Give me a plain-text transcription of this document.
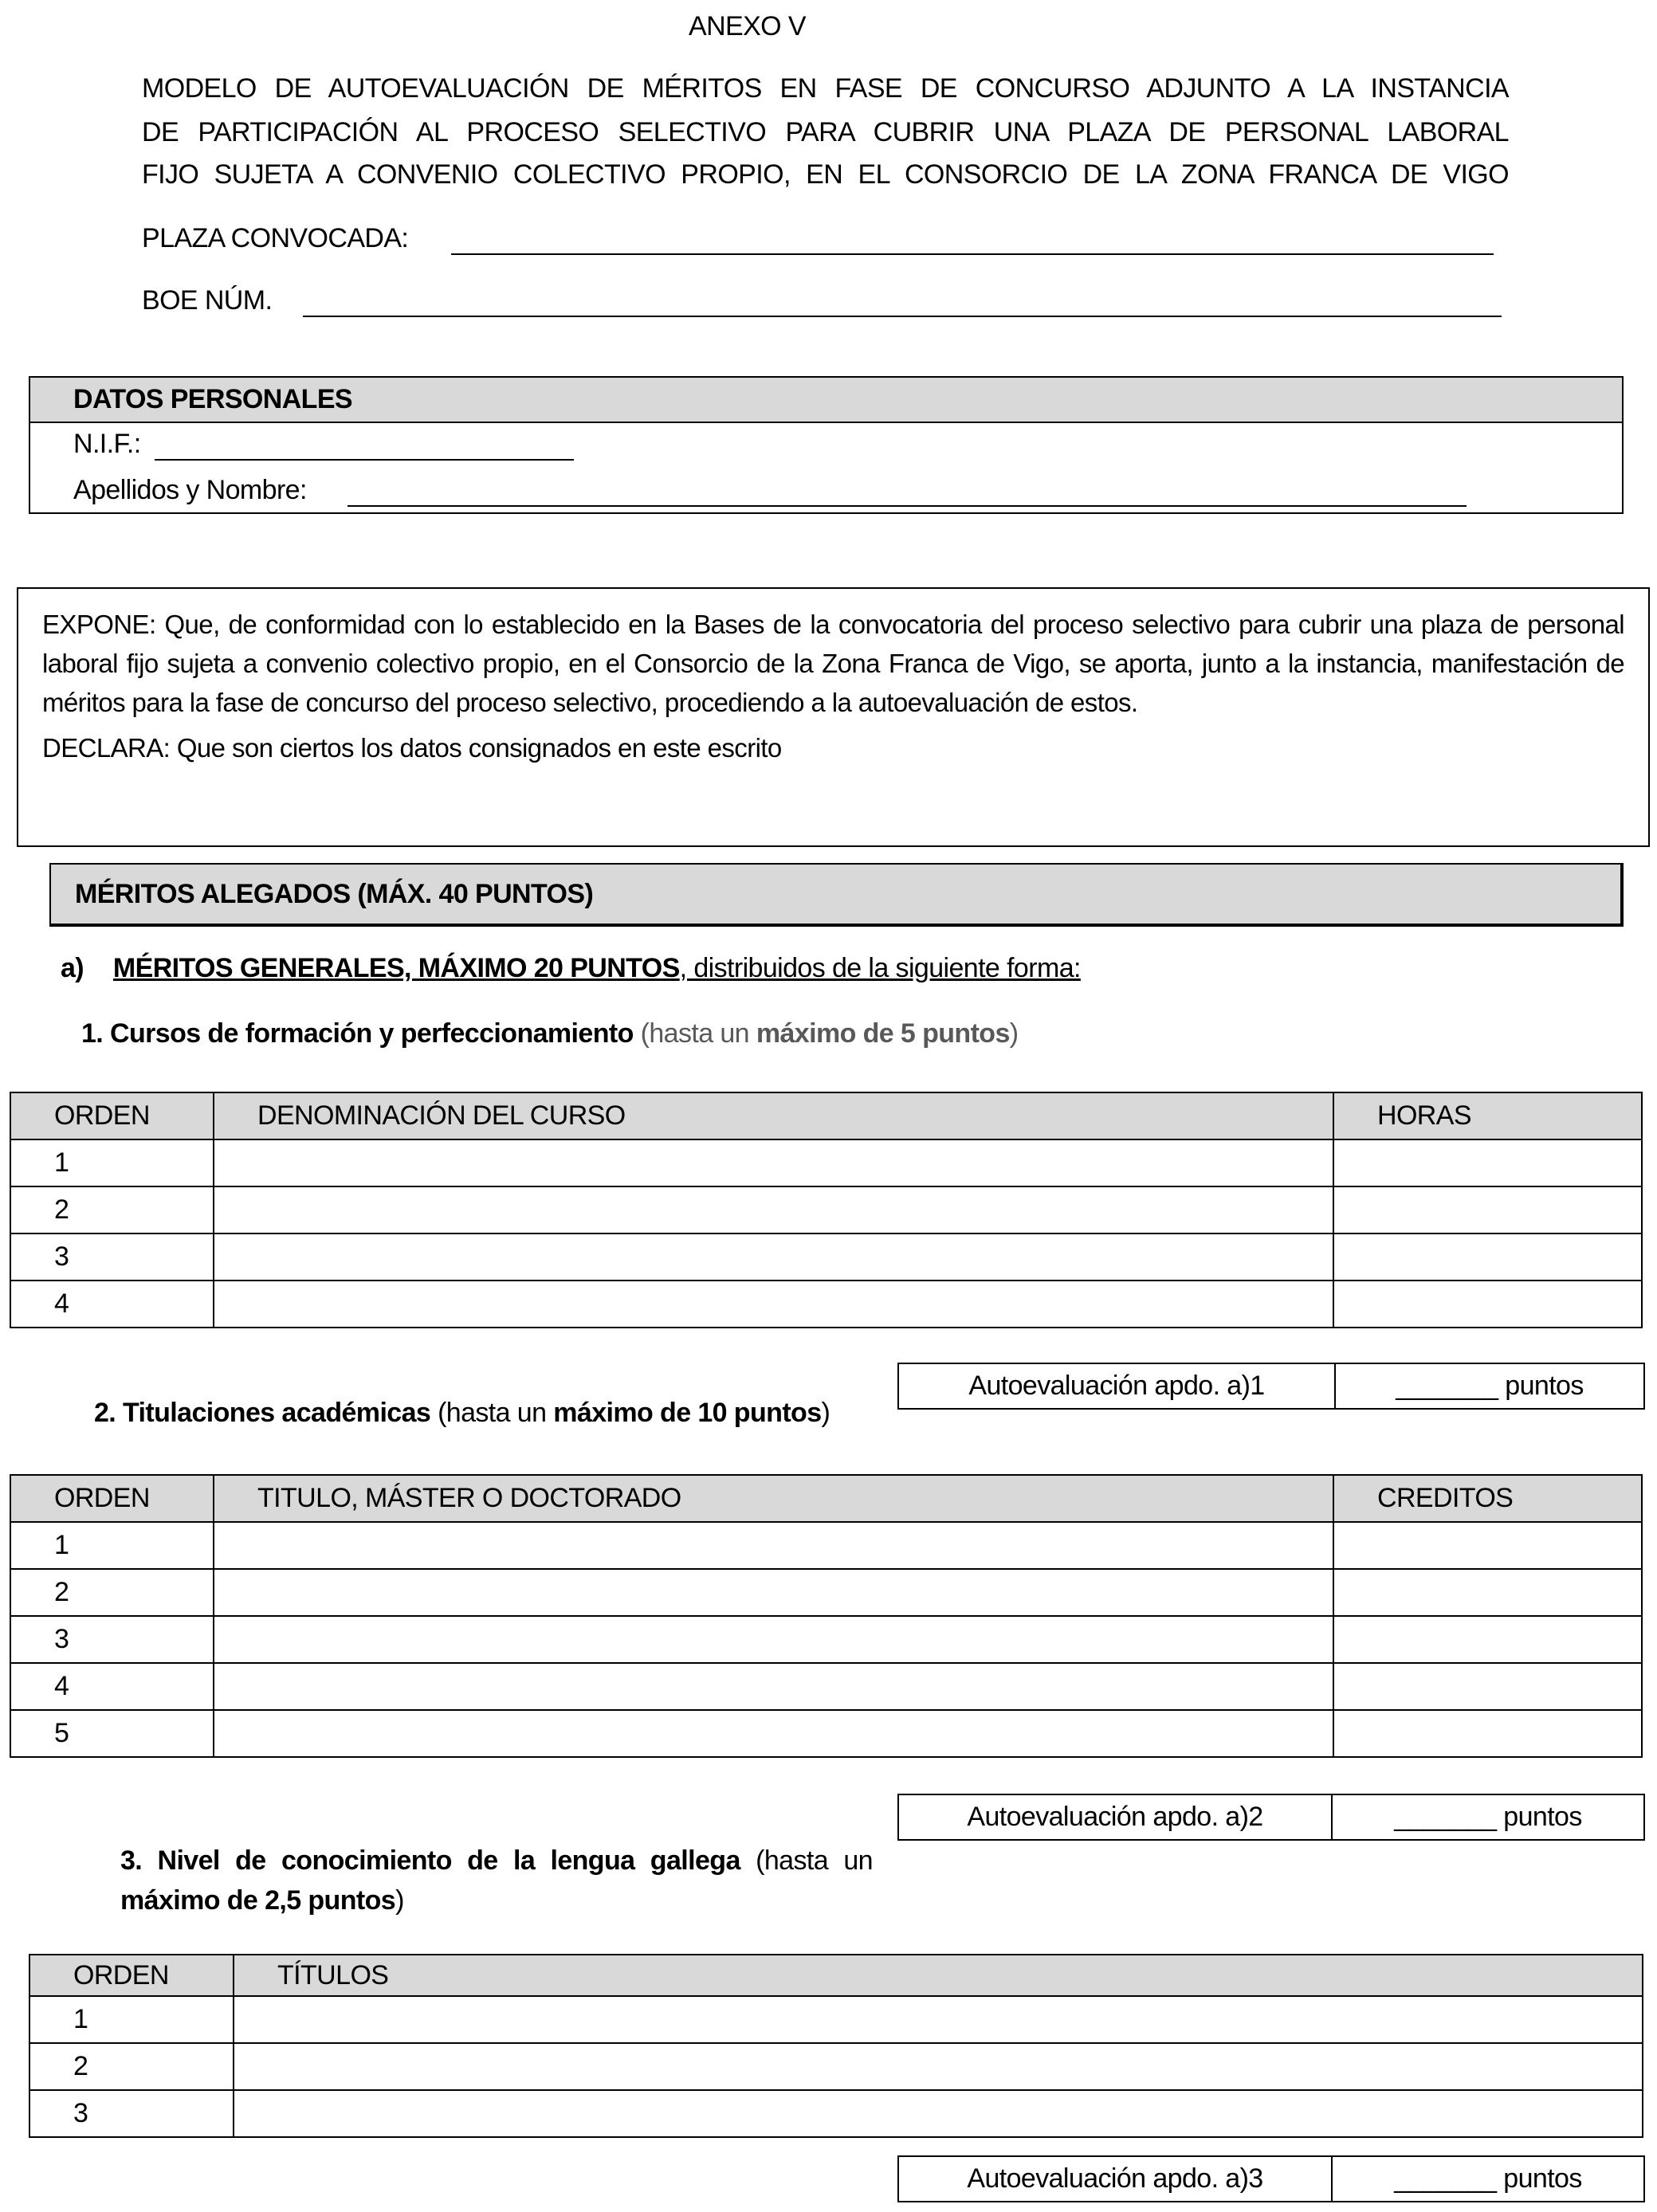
ANEXO V
MODELO DE AUTOEVALUACIÓN DE MÉRITOS EN FASE DE CONCURSO ADJUNTO A LA INSTANCIA
DE PARTICIPACIÓN AL PROCESO SELECTIVO PARA CUBRIR UNA PLAZA DE PERSONAL LABORAL
FIJO SUJETA A CONVENIO COLECTIVO PROPIO, EN EL CONSORCIO DE LA ZONA FRANCA DE VIGO
PLAZA CONVOCADA:
BOE NÚM.
DATOS PERSONALES
N.I.F.:
Apellidos y Nombre:
EXPONE: Que, de conformidad con lo establecido en la Bases de la convocatoria del proceso selectivo para cubrir una plaza de personal laboral fijo sujeta a convenio colectivo propio, en el Consorcio de la Zona Franca de Vigo, se aporta, junto a la instancia, manifestación de méritos para la fase de concurso del proceso selectivo, procediendo a la autoevaluación de estos.
DECLARA: Que son ciertos los datos consignados en este escrito
MÉRITOS ALEGADOS (MÁX. 40 PUNTOS)
a) MÉRITOS GENERALES, MÁXIMO 20 PUNTOS, distribuidos de la siguiente forma:
1. Cursos de formación y perfeccionamiento (hasta un máximo de 5 puntos)
ORDEN	DENOMINACIÓN DEL CURSO	HORAS
1		
2		
3		
4		
Autoevaluación apdo. a)1	_______ puntos
2. Titulaciones académicas (hasta un máximo de 10 puntos)
ORDEN	TITULO, MÁSTER O DOCTORADO	CREDITOS
1		
2		
3		
4		
5		
Autoevaluación apdo. a)2	_______ puntos
3. Nivel de conocimiento de la lengua gallega (hasta un máximo de 2,5 puntos)
ORDEN	TÍTULOS
1	
2	
3	
Autoevaluación apdo. a)3	_______ puntos
